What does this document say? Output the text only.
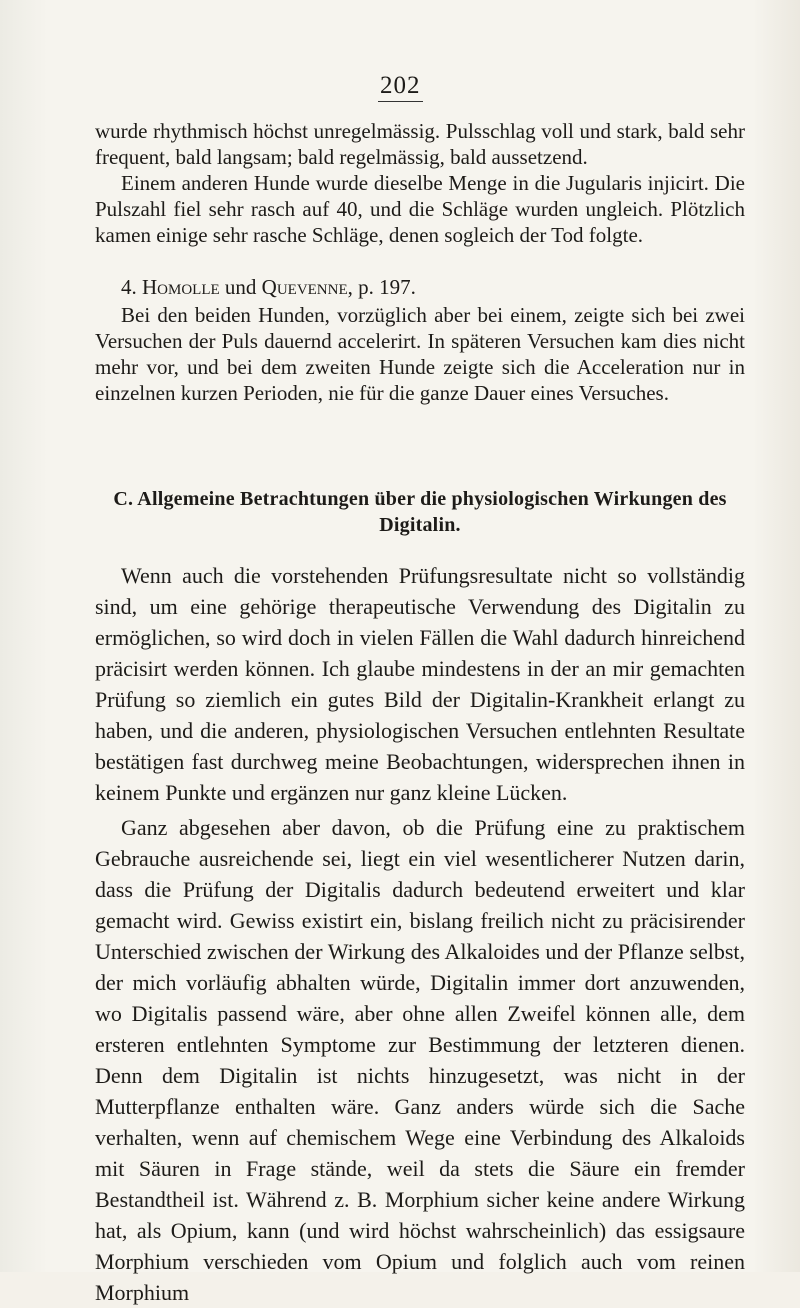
202

wurde rhythmisch höchst unregelmässig. Pulsschlag voll und stark, bald sehr frequent, bald langsam; bald regelmässig, bald aussetzend.

Einem anderen Hunde wurde dieselbe Menge in die Jugularis injicirt. Die Pulszahl fiel sehr rasch auf 40, und die Schläge wurden ungleich. Plötzlich kamen einige sehr rasche Schläge, denen sogleich der Tod folgte.

4. Homolle und Quevenne, p. 197.

Bei den beiden Hunden, vorzüglich aber bei einem, zeigte sich bei zwei Versuchen der Puls dauernd accelerirt. In späteren Versuchen kam dies nicht mehr vor, und bei dem zweiten Hunde zeigte sich die Acceleration nur in einzelnen kurzen Perioden, nie für die ganze Dauer eines Versuches.

C. Allgemeine Betrachtungen über die physiologischen Wirkungen des Digitalin.

Wenn auch die vorstehenden Prüfungsresultate nicht so vollständig sind, um eine gehörige therapeutische Verwendung des Digitalin zu ermöglichen, so wird doch in vielen Fällen die Wahl dadurch hinreichend präcisirt werden können. Ich glaube mindestens in der an mir gemachten Prüfung so ziemlich ein gutes Bild der Digitalin-Krankheit erlangt zu haben, und die anderen, physiologischen Versuchen entlehnten Resultate bestätigen fast durchweg meine Beobachtungen, widersprechen ihnen in keinem Punkte und ergänzen nur ganz kleine Lücken.

Ganz abgesehen aber davon, ob die Prüfung eine zu praktischem Gebrauche ausreichende sei, liegt ein viel wesentlicherer Nutzen darin, dass die Prüfung der Digitalis dadurch bedeutend erweitert und klar gemacht wird. Gewiss existirt ein, bislang freilich nicht zu präcisirender Unterschied zwischen der Wirkung des Alkaloides und der Pflanze selbst, der mich vorläufig abhalten würde, Digitalin immer dort anzuwenden, wo Digitalis passend wäre, aber ohne allen Zweifel können alle, dem ersteren entlehnten Symptome zur Bestimmung der letzteren dienen. Denn dem Digitalin ist nichts hinzugesetzt, was nicht in der Mutterpflanze enthalten wäre. Ganz anders würde sich die Sache verhalten, wenn auf chemischem Wege eine Verbindung des Alkaloids mit Säuren in Frage stände, weil da stets die Säure ein fremder Bestandtheil ist. Während z. B. Morphium sicher keine andere Wirkung hat, als Opium, kann (und wird höchst wahrscheinlich) das essigsaure Morphium verschieden vom Opium und folglich auch vom reinen Morphium
